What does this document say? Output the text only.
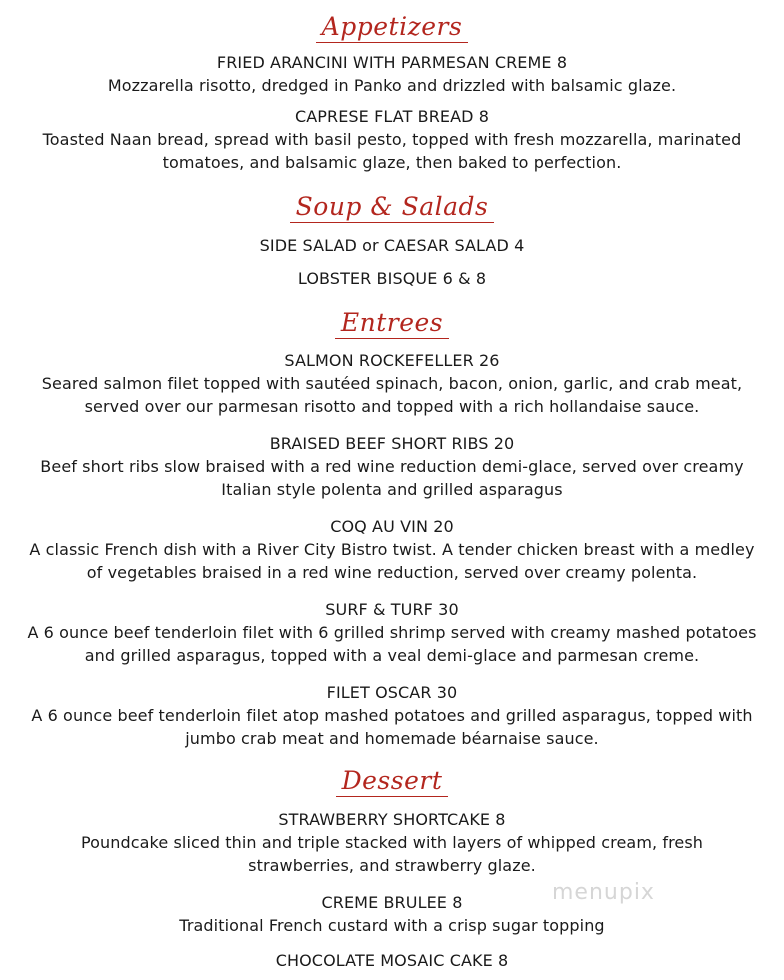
Appetizers
FRIED ARANCINI WITH PARMESAN CREME 8
Mozzarella risotto, dredged in Panko and drizzled with balsamic glaze.
CAPRESE FLAT BREAD 8
Toasted Naan bread, spread with basil pesto, topped with fresh mozzarella, marinated
tomatoes, and balsamic glaze, then baked to perfection.
Soup & Salads
SIDE SALAD or CAESAR SALAD 4
LOBSTER BISQUE 6 & 8
Entrees
SALMON ROCKEFELLER 26
Seared salmon filet topped with sautéed spinach, bacon, onion, garlic, and crab meat,
served over our parmesan risotto and topped with a rich hollandaise sauce.
BRAISED BEEF SHORT RIBS 20
Beef short ribs slow braised with a red wine reduction demi-glace, served over creamy
Italian style polenta and grilled asparagus
COQ AU VIN 20
A classic French dish with a River City Bistro twist. A tender chicken breast with a medley
of vegetables braised in a red wine reduction, served over creamy polenta.
SURF & TURF 30
A 6 ounce beef tenderloin filet with 6 grilled shrimp served with creamy mashed potatoes
and grilled asparagus, topped with a veal demi-glace and parmesan creme.
FILET OSCAR 30
A 6 ounce beef tenderloin filet atop mashed potatoes and grilled asparagus, topped with
jumbo crab meat and homemade béarnaise sauce.
Dessert
STRAWBERRY SHORTCAKE 8
Poundcake sliced thin and triple stacked with layers of whipped cream, fresh
strawberries, and strawberry glaze.
CREME BRULEE 8
Traditional French custard with a crisp sugar topping
CHOCOLATE MOSAIC CAKE 8
menupix
